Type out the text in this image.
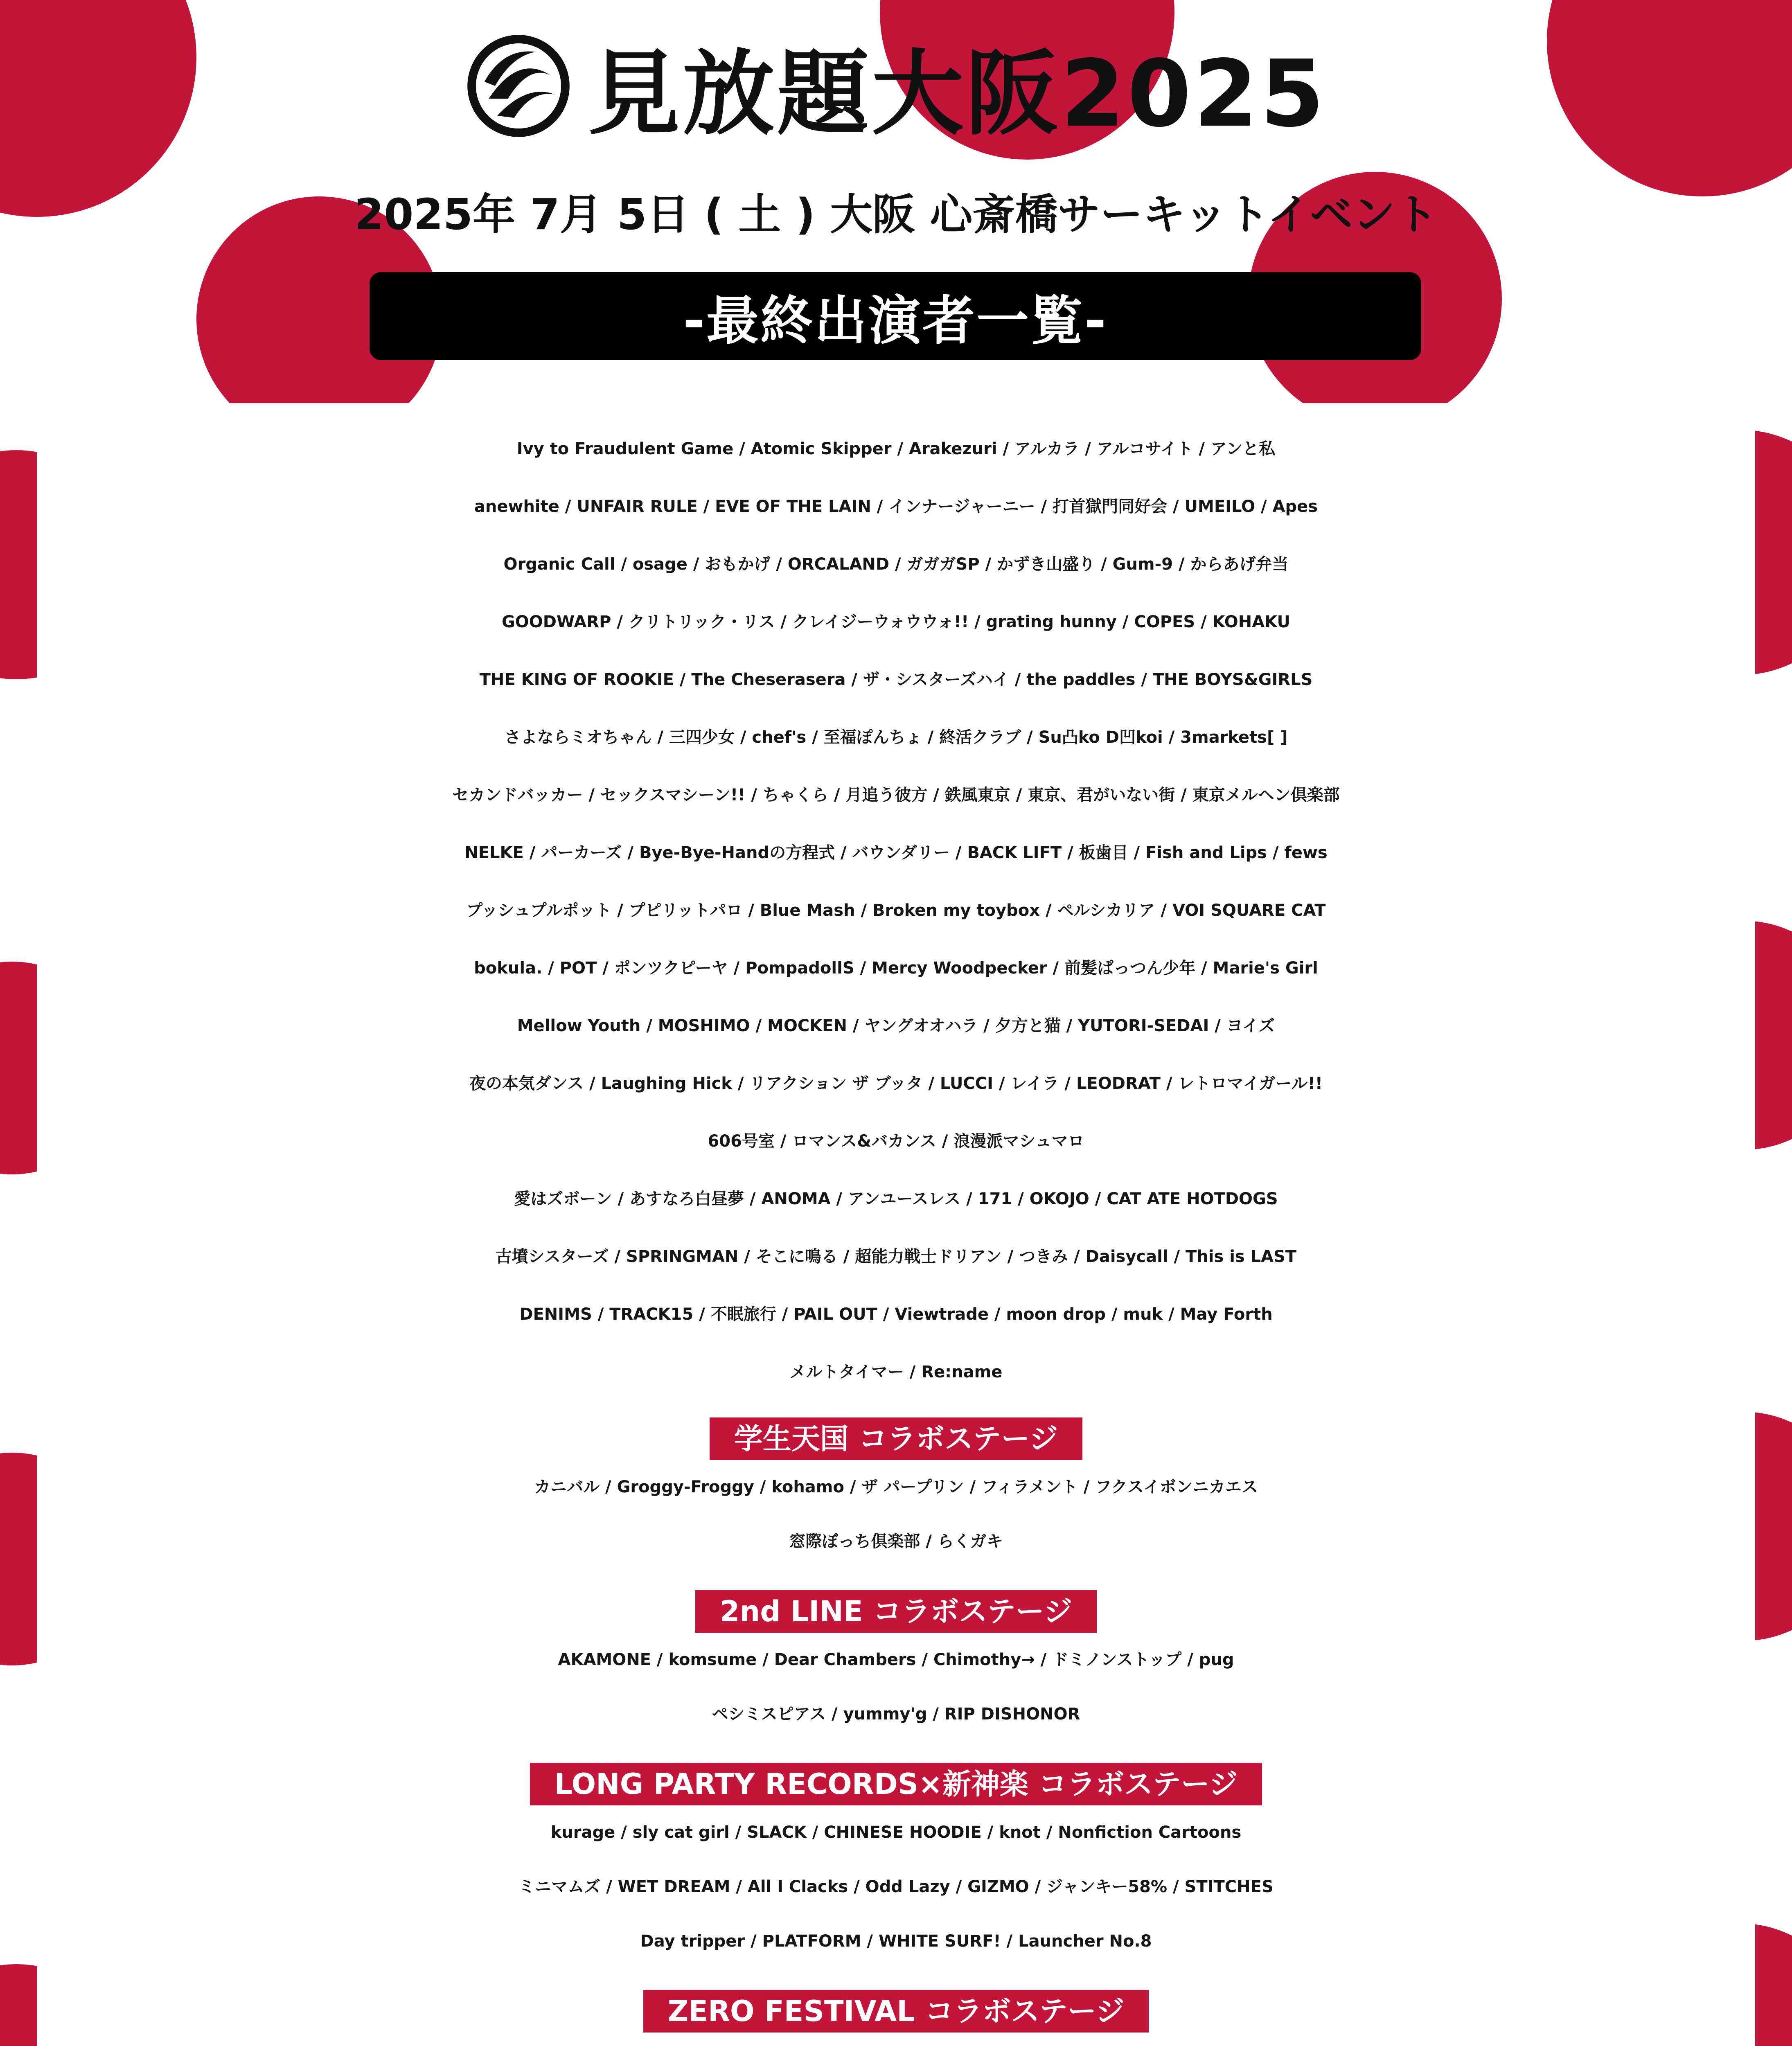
見放題大阪2025
2025年 7月 5日 ( 土 ) 大阪 心斎橋サーキットイベント
-最終出演者一覧-
Ivy to Fraudulent Game / Atomic Skipper / Arakezuri / アルカラ / アルコサイト / アンと私
anewhite / UNFAIR RULE / EVE OF THE LAIN / インナージャーニー / 打首獄門同好会 / UMEILO / Apes
Organic Call / osage / おもかげ / ORCALAND / ガガガSP / かずき山盛り / Gum-9 / からあげ弁当
GOODWARP / クリトリック・リス / クレイジーウォウウォ!! / grating hunny / COPES / KOHAKU
THE KING OF ROOKIE / The Cheserasera / ザ・シスターズハイ / the paddles / THE BOYS&GIRLS
さよならミオちゃん / 三四少女 / chef's / 至福ぽんちょ / 終活クラブ / Su凸ko D凹koi / 3markets[ ]
セカンドバッカー / セックスマシーン!! / ちゃくら / 月追う彼方 / 鉄風東京 / 東京、君がいない街 / 東京メルヘン倶楽部
NELKE / パーカーズ / Bye-Bye-Handの方程式 / バウンダリー / BACK LIFT / 板歯目 / Fish and Lips / fews
プッシュプルポット / プピリットパロ / Blue Mash / Broken my toybox / ペルシカリア / VOI SQUARE CAT
bokula. / POT / ポンツクピーヤ / PompadollS / Mercy Woodpecker / 前髪ぱっつん少年 / Marie's Girl
Mellow Youth / MOSHIMO / MOCKEN / ヤングオオハラ / 夕方と猫 / YUTORI-SEDAI / ヨイズ
夜の本気ダンス / Laughing Hick / リアクション ザ ブッタ / LUCCI / レイラ / LEODRAT / レトロマイガール!!
606号室 / ロマンス&バカンス / 浪漫派マシュマロ
愛はズボーン / あすなろ白昼夢 / ANOMA / アンユースレス / 171 / OKOJO / CAT ATE HOTDOGS
古墳シスターズ / SPRINGMAN / そこに鳴る / 超能力戦士ドリアン / つきみ / Daisycall / This is LAST
DENIMS / TRACK15 / 不眠旅行 / PAIL OUT / Viewtrade / moon drop / muk / May Forth
メルトタイマー / Re:name
学生天国 コラボステージ
カニバル / Groggy-Froggy / kohamo / ザ パープリン / フィラメント / フクスイボンニカエス
窓際ぼっち倶楽部 / らくガキ
2nd LINE コラボステージ
AKAMONE / komsume / Dear Chambers / Chimothy→ / ドミノンストップ / pug
ペシミスピアス / yummy'g / RIP DISHONOR
LONG PARTY RECORDS×新神楽 コラボステージ
kurage / sly cat girl / SLACK / CHINESE HOODIE / knot / Nonfiction Cartoons
ミニマムズ / WET DREAM / All I Clacks / Odd Lazy / GIZMO / ジャンキー58% / STITCHES
Day tripper / PLATFORM / WHITE SURF! / Launcher No.8
ZERO FESTIVAL コラボステージ
